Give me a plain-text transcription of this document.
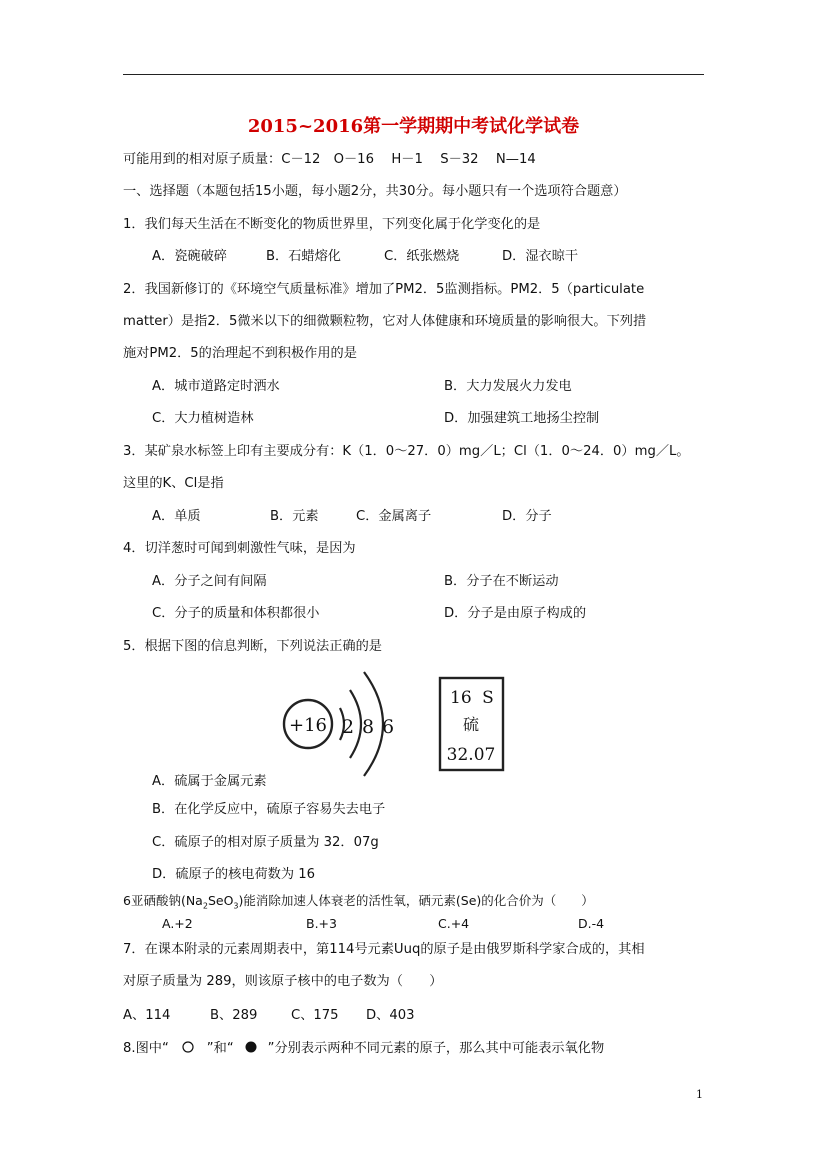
2015~2016第一学期期中考试化学试卷
可能用到的相对原子质量：C－12　O－16　 H－1　 S－32　 N—14
一、选择题（本题包括15小题，每小题2分，共30分。每小题只有一个选项符合题意）
1．我们每天生活在不断变化的物质世界里，下列变化属于化学变化的是
A．瓷碗破碎	B．石蜡熔化	C．纸张燃烧	D．湿衣晾干
2．我国新修订的《环境空气质量标准》增加了PM2．5监测指标。PM2．5（particulate
matter）是指2．5微米以下的细微颗粒物，它对人体健康和环境质量的影响很大。下列措
施对PM2．5的治理起不到积极作用的是
A．城市道路定时洒水	B．大力发展火力发电
C．大力植树造林	D．加强建筑工地扬尘控制
3．某矿泉水标签上印有主要成分有：K（1．0～27．0）mg／L；Cl（1．0～24．0）mg／L。
这里的K、Cl是指
A．单质	B．元素	C．金属离子	D．分子
4．切洋葱时可闻到刺激性气味，是因为
A．分子之间有间隔	B．分子在不断运动
C．分子的质量和体积都很小	D．分子是由原子构成的
5．根据下图的信息判断，下列说法正确的是
+16 2 8 6
16 S
硫
32.07
A．硫属于金属元素
B．在化学反应中，硫原子容易失去电子
C．硫原子的相对原子质量为 32．07g
D．硫原子的核电荷数为 16
6亚硒酸钠$(Na_2SeO_3)$能消除加速人体衰老的活性氧，硒元素(Se)的化合价为（　　）
A.+2	B.+3	C.+4	D.-4
7．在课本附录的元素周期表中，第114号元素Uuq的原子是由俄罗斯科学家合成的，其相
对原子质量为 289，则该原子核中的电子数为（　　）
A、114	B、289	C、175 D、403
8.图中“	”和“	”分别表示两种不同元素的原子，那么其中可能表示氧化物
1
